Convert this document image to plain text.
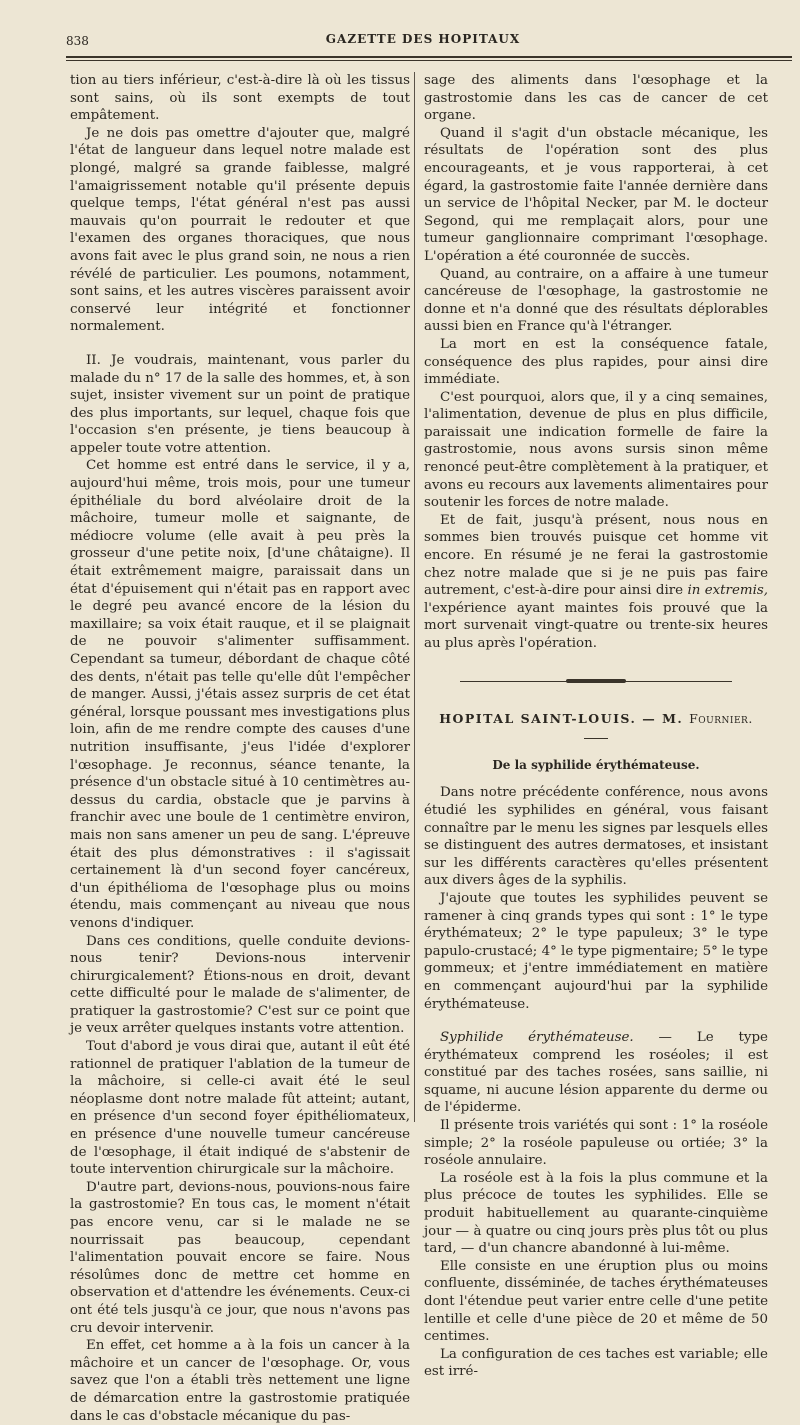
838	GAZETTE DES HOPITAUX

tion au tiers inférieur, c'est-à-dire là où les tissus sont sains, où ils sont exempts de tout empâtement.

Je ne dois pas omettre d'ajouter que, malgré l'état de langueur dans lequel notre malade est plongé, malgré sa grande faiblesse, malgré l'amaigrissement notable qu'il présente depuis quelque temps, l'état général n'est pas aussi mauvais qu'on pourrait le redouter et que l'examen des organes thoraciques, que nous avons fait avec le plus grand soin, ne nous a rien révélé de particulier. Les poumons, notamment, sont sains, et les autres viscères paraissent avoir conservé leur intégrité et fonctionner normalement.

II. Je voudrais, maintenant, vous parler du malade du n° 17 de la salle des hommes, et, à son sujet, insister vivement sur un point de pratique des plus importants, sur lequel, chaque fois que l'occasion s'en présente, je tiens beaucoup à appeler toute votre attention.

Cet homme est entré dans le service, il y a, aujourd'hui même, trois mois, pour une tumeur épithéliale du bord alvéolaire droit de la mâchoire, tumeur molle et saignante, de médiocre volume (elle avait à peu près la grosseur d'une petite noix, [d'une châtaigne). Il était extrêmement maigre, paraissait dans un état d'épuisement qui n'était pas en rapport avec le degré peu avancé encore de la lésion du maxillaire; sa voix était rauque, et il se plaignait de ne pouvoir s'alimenter suffisamment. Cependant sa tumeur, débordant de chaque côté des dents, n'était pas telle qu'elle dût l'empêcher de manger. Aussi, j'étais assez surpris de cet état général, lorsque poussant mes investigations plus loin, afin de me rendre compte des causes d'une nutrition insuffisante, j'eus l'idée d'explorer l'œsophage. Je reconnus, séance tenante, la présence d'un obstacle situé à 10 centimètres au-dessus du cardia, obstacle que je parvins à franchir avec une boule de 1 centimètre environ, mais non sans amener un peu de sang. L'épreuve était des plus démonstratives : il s'agissait certainement là d'un second foyer cancéreux, d'un épithélioma de l'œsophage plus ou moins étendu, mais commençant au niveau que nous venons d'indiquer.

Dans ces conditions, quelle conduite devions-nous tenir? Devions-nous intervenir chirurgicalement? Étions-nous en droit, devant cette difficulté pour le malade de s'alimenter, de pratiquer la gastrostomie? C'est sur ce point que je veux arrêter quelques instants votre attention.

Tout d'abord je vous dirai que, autant il eût été rationnel de pratiquer l'ablation de la tumeur de la mâchoire, si celle-ci avait été le seul néoplasme dont notre malade fût atteint; autant, en présence d'un second foyer épithéliomateux, en présence d'une nouvelle tumeur cancéreuse de l'œsophage, il était indiqué de s'abstenir de toute intervention chirurgicale sur la mâchoire.

D'autre part, devions-nous, pouvions-nous faire la gastrostomie? En tous cas, le moment n'était pas encore venu, car si le malade ne se nourrissait pas beaucoup, cependant l'alimentation pouvait encore se faire. Nous résolûmes donc de mettre cet homme en observation et d'attendre les événements. Ceux-ci ont été tels jusqu'à ce jour, que nous n'avons pas cru devoir intervenir.

En effet, cet homme a à la fois un cancer à la mâchoire et un cancer de l'œsophage. Or, vous savez que l'on a établi très nettement une ligne de démarcation entre la gastrostomie pratiquée dans le cas d'obstacle mécanique du pas-

sage des aliments dans l'œsophage et la gastrostomie dans les cas de cancer de cet organe.

Quand il s'agit d'un obstacle mécanique, les résultats de l'opération sont des plus encourageants, et je vous rapporterai, à cet égard, la gastrostomie faite l'année dernière dans un service de l'hôpital Necker, par M. le docteur Segond, qui me remplaçait alors, pour une tumeur ganglionnaire comprimant l'œsophage. L'opération a été couronnée de succès.

Quand, au contraire, on a affaire à une tumeur cancéreuse de l'œsophage, la gastrostomie ne donne et n'a donné que des résultats déplorables aussi bien en France qu'à l'étranger.

La mort en est la conséquence fatale, conséquence des plus rapides, pour ainsi dire immédiate.

C'est pourquoi, alors que, il y a cinq semaines, l'alimentation, devenue de plus en plus difficile, paraissait une indication formelle de faire la gastrostomie, nous avons sursis sinon même renoncé peut-être complètement à la pratiquer, et avons eu recours aux lavements alimentaires pour soutenir les forces de notre malade.

Et de fait, jusqu'à présent, nous nous en sommes bien trouvés puisque cet homme vit encore. En résumé je ne ferai la gastrostomie chez notre malade que si je ne puis pas faire autrement, c'est-à-dire pour ainsi dire in extremis, l'expérience ayant maintes fois prouvé que la mort survenait vingt-quatre ou trente-six heures au plus après l'opération.

HOPITAL SAINT-LOUIS. — M. Fournier.
De la syphilide érythémateuse.

Dans notre précédente conférence, nous avons étudié les syphilides en général, vous faisant connaître par le menu les signes par lesquels elles se distinguent des autres dermatoses, et insistant sur les différents caractères qu'elles présentent aux divers âges de la syphilis.

J'ajoute que toutes les syphilides peuvent se ramener à cinq grands types qui sont : 1° le type érythémateux; 2° le type papuleux; 3° le type papulo-crustacé; 4° le type pigmentaire; 5° le type gommeux; et j'entre immédiatement en matière en commençant aujourd'hui par la syphilide érythémateuse.

Syphilide érythémateuse. — Le type érythémateux comprend les roséoles; il est constitué par des taches rosées, sans saillie, ni squame, ni aucune lésion apparente du derme ou de l'épiderme.

Il présente trois variétés qui sont : 1° la roséole simple; 2° la roséole papuleuse ou ortiée; 3° la roséole annulaire.

La roséole est à la fois la plus commune et la plus précoce de toutes les syphilides. Elle se produit habituellement au quarante-cinquième jour — à quatre ou cinq jours près plus tôt ou plus tard, — d'un chancre abandonné à lui-même.

Elle consiste en une éruption plus ou moins confluente, disséminée, de taches érythémateuses dont l'étendue peut varier entre celle d'une petite lentille et celle d'une pièce de 20 et même de 50 centimes.

La configuration de ces taches est variable; elle est irré-
